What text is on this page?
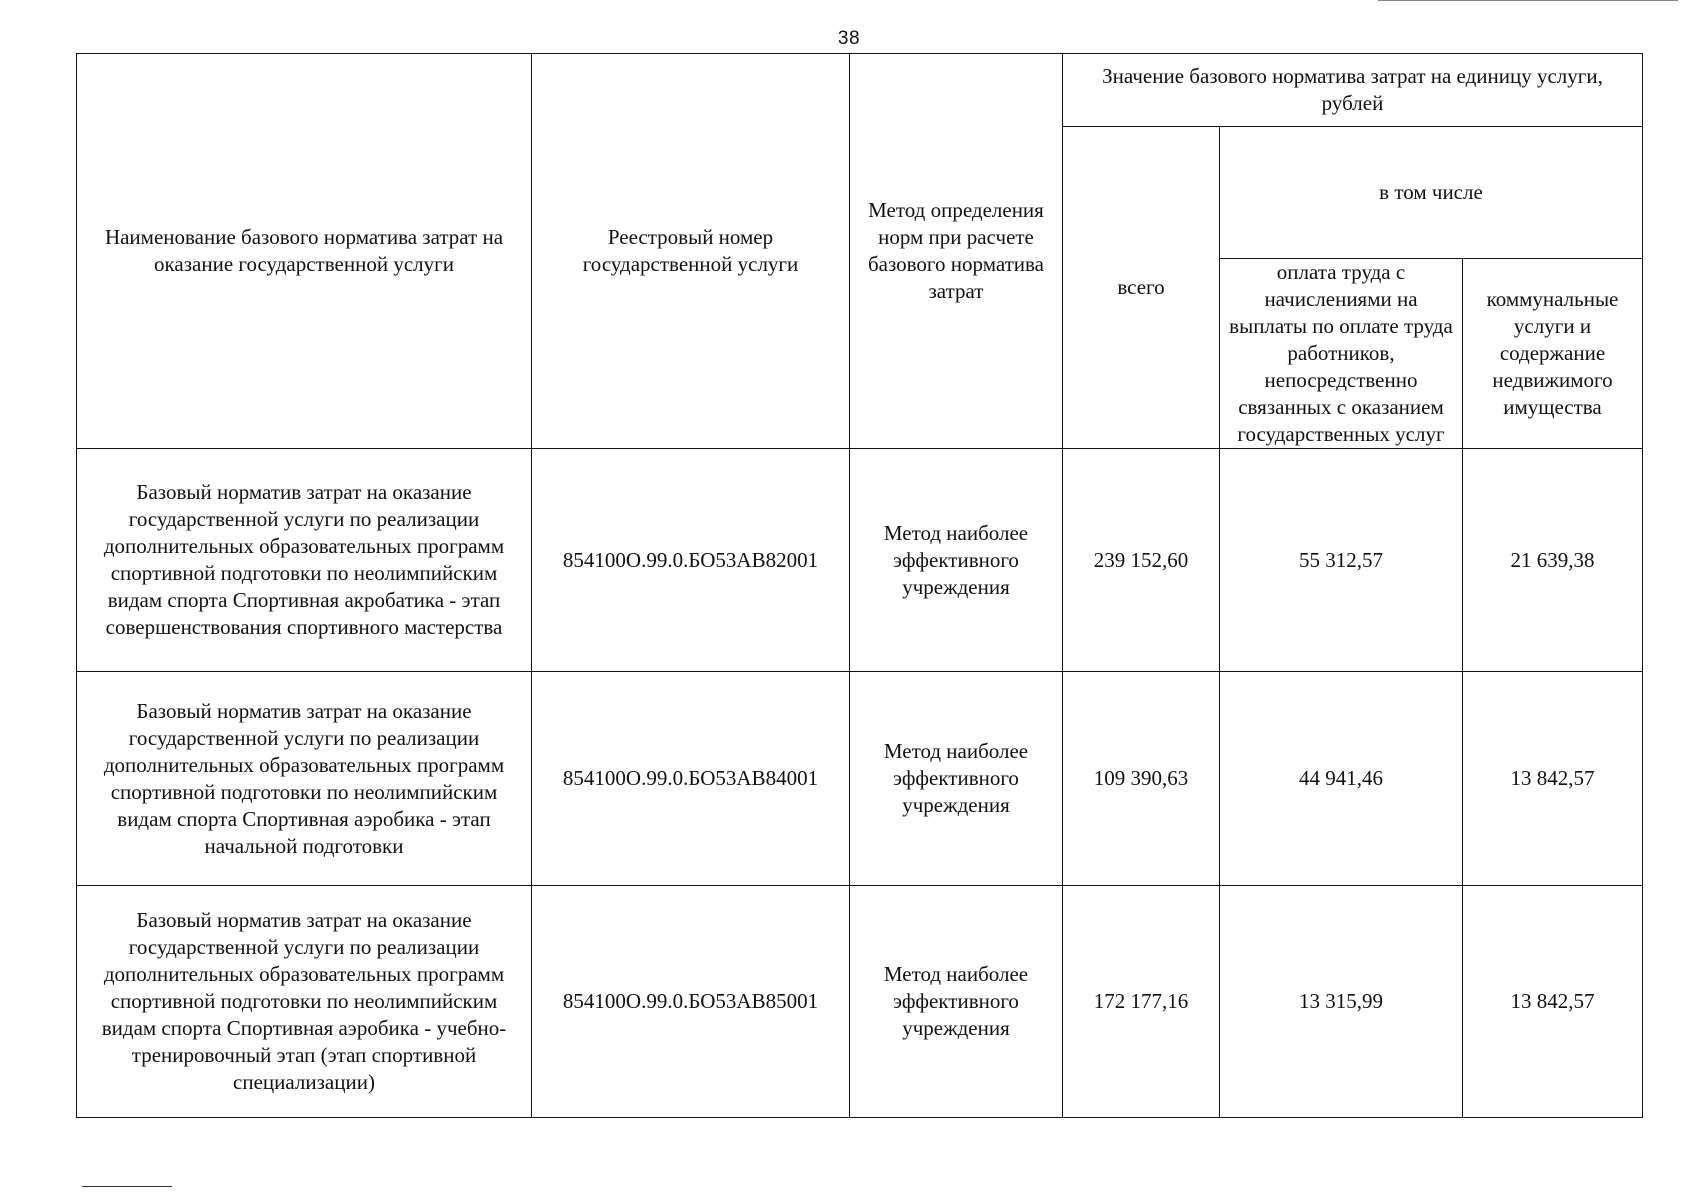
38
Наименование базового норматива затрат на оказание государственной услуги	Реестровый номер государственной услуги	Метод определения норм при расчете базового норматива затрат	Значение базового норматива затрат на единицу услуги, рублей		
			всего	в том числе	
				оплата труда с начислениями на выплаты по оплате труда работников, непосредственно связанных с оказанием государственных услуг	коммунальные услуги и содержание недвижимого имущества
Базовый норматив затрат на оказание государственной услуги по реализации дополнительных образовательных программ спортивной подготовки по неолимпийским видам спорта Спортивная акробатика - этап совершенствования спортивного мастерства	854100О.99.0.БО53АВ82001	Метод наиболее эффективного учреждения	239 152,60	55 312,57	21 639,38
Базовый норматив затрат на оказание государственной услуги по реализации дополнительных образовательных программ спортивной подготовки по неолимпийским видам спорта Спортивная аэробика - этап начальной подготовки	854100О.99.0.БО53АВ84001	Метод наиболее эффективного учреждения	109 390,63	44 941,46	13 842,57
Базовый норматив затрат на оказание государственной услуги по реализации дополнительных образовательных программ спортивной подготовки по неолимпийским видам спорта Спортивная аэробика - учебно-тренировочный этап (этап спортивной специализации)	854100О.99.0.БО53АВ85001	Метод наиболее эффективного учреждения	172 177,16	13 315,99	13 842,57
